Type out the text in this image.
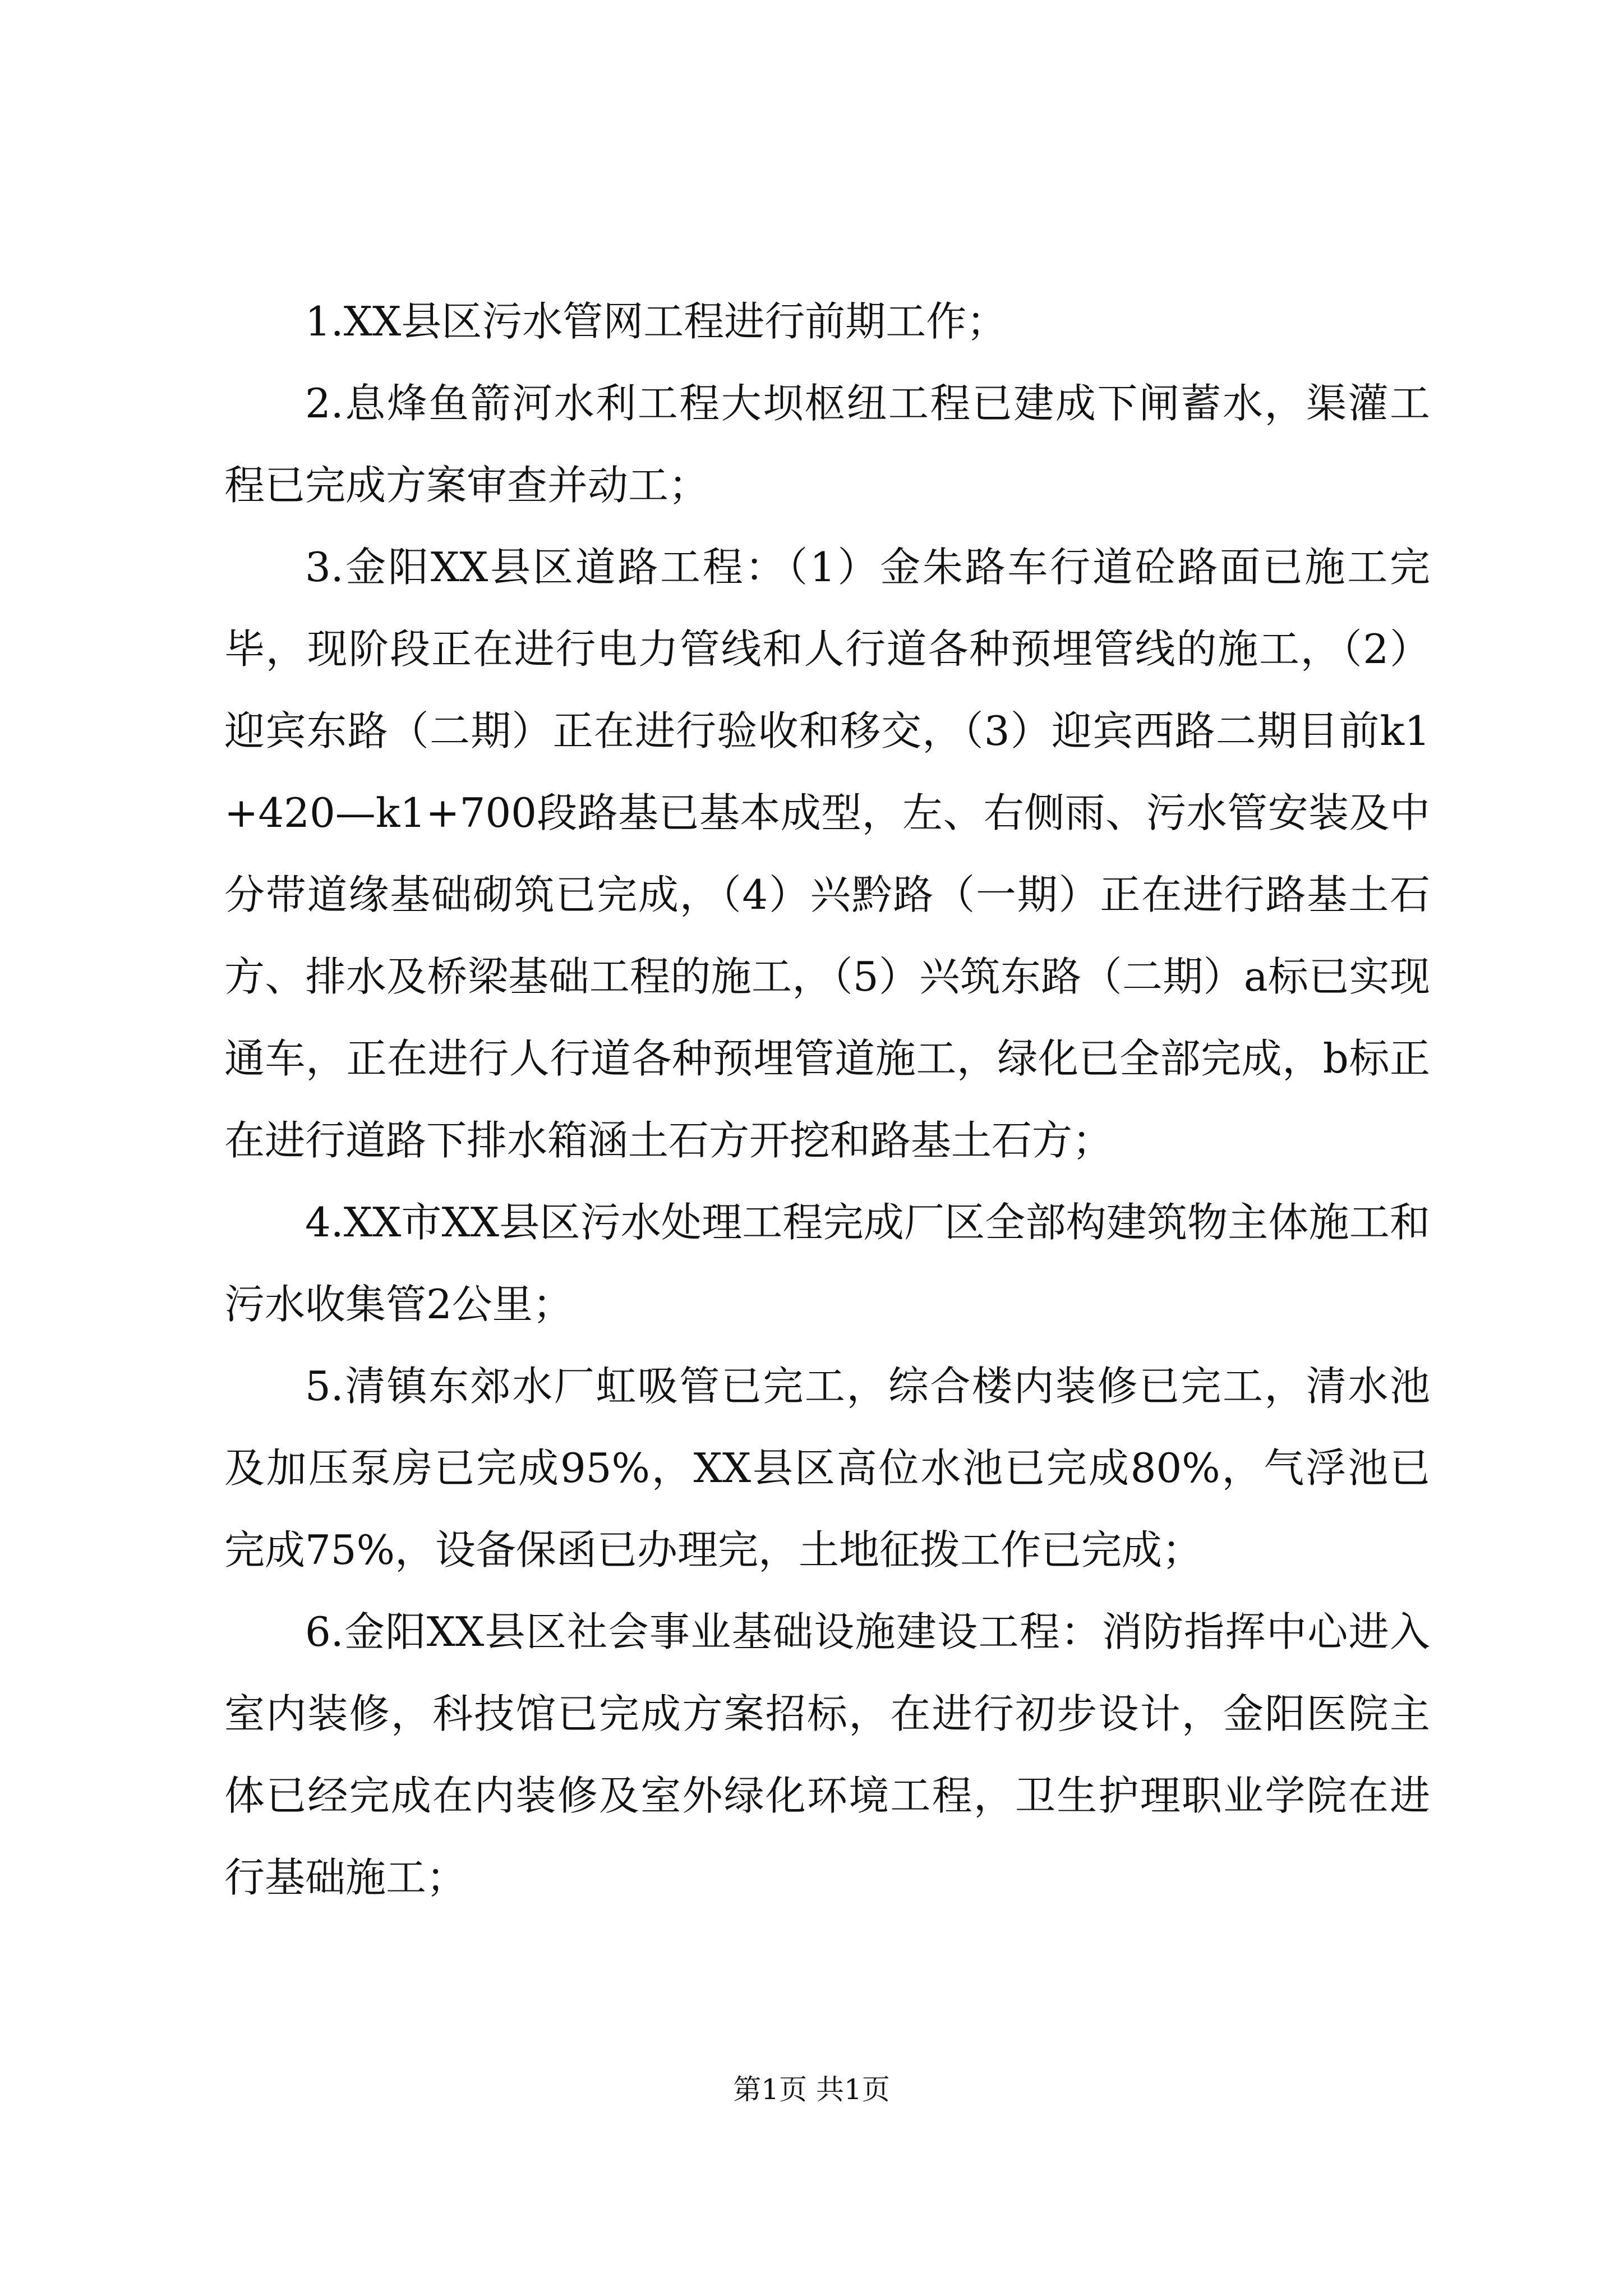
1.XX县区污水管网工程进行前期工作；

2.息烽鱼箭河水利工程大坝枢纽工程已建成下闸蓄水，渠灌工程已完成方案审查并动工；

3.金阳XX县区道路工程：（1）金朱路车行道砼路面已施工完毕，现阶段正在进行电力管线和人行道各种预埋管线的施工，（2）迎宾东路（二期）正在进行验收和移交，（3）迎宾西路二期目前k1+420—k1+700段路基已基本成型，左、右侧雨、污水管安装及中分带道缘基础砌筑已完成，（4）兴黔路（一期）正在进行路基土石方、排水及桥梁基础工程的施工，（5）兴筑东路（二期）a标已实现通车，正在进行人行道各种预埋管道施工，绿化已全部完成，b标正在进行道路下排水箱涵土石方开挖和路基土石方；

4.XX市XX县区污水处理工程完成厂区全部构建筑物主体施工和污水收集管2公里；

5.清镇东郊水厂虹吸管已完工，综合楼内装修已完工，清水池及加压泵房已完成95%，XX县区高位水池已完成80%，气浮池已完成75%，设备保函已办理完，土地征拨工作已完成；

6.金阳XX县区社会事业基础设施建设工程：消防指挥中心进入室内装修，科技馆已完成方案招标，在进行初步设计，金阳医院主体已经完成在内装修及室外绿化环境工程，卫生护理职业学院在进行基础施工；

第1页 共1页
